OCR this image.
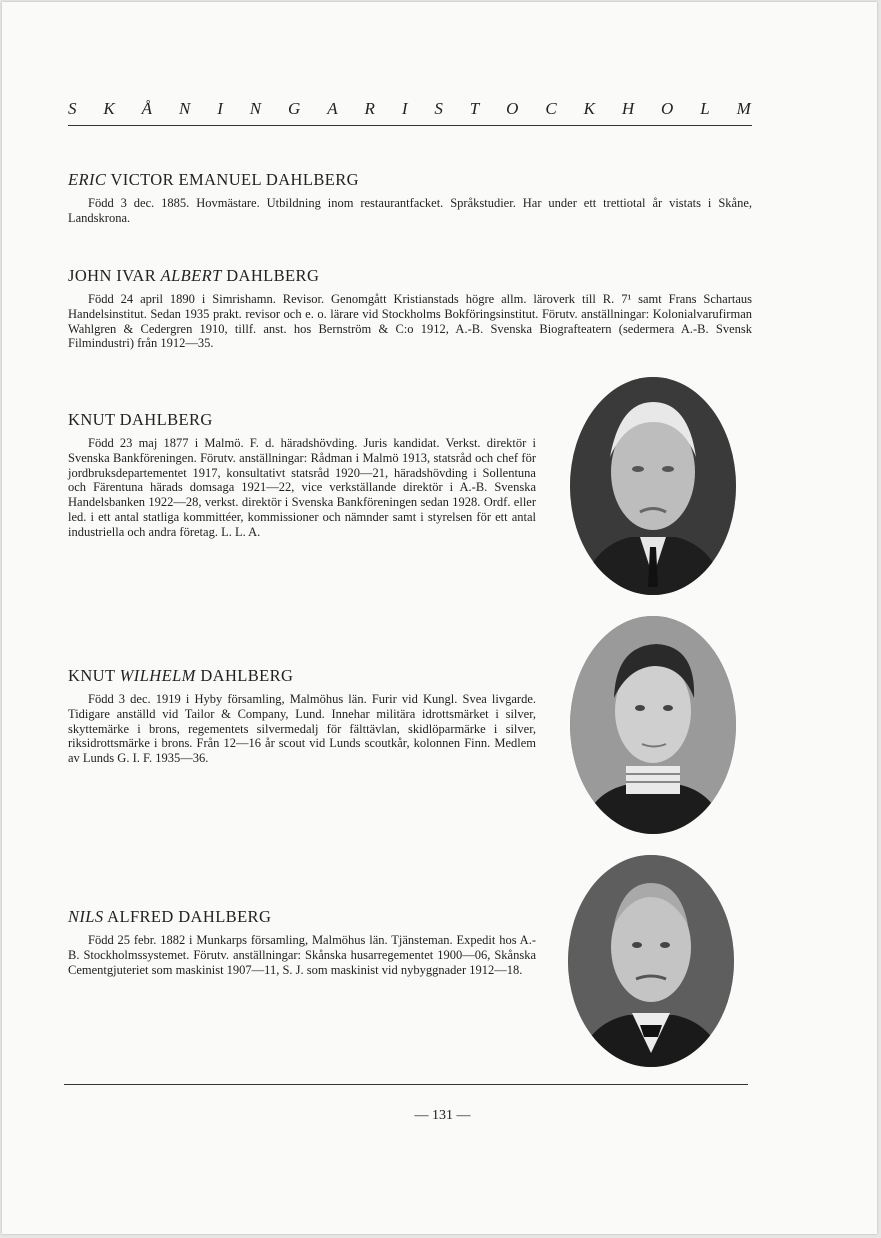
S K Å N I N G A R I S T O C K H O L M
ERIC VICTOR EMANUEL DAHLBERG

Född 3 dec. 1885. Hovmästare. Utbildning inom restaurantfacket. Språkstudier. Har under ett trettiotal år vistats i Skåne, Landskrona.

JOHN IVAR ALBERT DAHLBERG

Född 24 april 1890 i Simrishamn. Revisor. Genomgått Kristianstads högre allm. läroverk till R. 7¹ samt Frans Schartaus Handelsinstitut. Sedan 1935 prakt. revisor och e. o. lärare vid Stockholms Bokföringsinstitut. Förutv. anställningar: Kolonialvarufirman Wahlgren & Cedergren 1910, tillf. anst. hos Bernström & C:o 1912, A.-B. Svenska Biografteatern (sedermera A.-B. Svensk Filmindustri) från 1912—35.

KNUT DAHLBERG

Född 23 maj 1877 i Malmö. F. d. häradshövding. Juris kandidat. Verkst. direktör i Svenska Bankföreningen. Förutv. anställningar: Rådman i Malmö 1913, statsråd och chef för jordbruksdepartementet 1917, konsultativt statsråd 1920—21, häradshövding i Sollentuna och Färentuna härads domsaga 1921—22, vice verkställande direktör i A.-B. Svenska Handelsbanken 1922—28, verkst. direktör i Svenska Bankföreningen sedan 1928. Ordf. eller led. i ett antal statliga kommittéer, kommissioner och nämnder samt i styrelsen för ett antal industriella och andra företag. L. L. A.

KNUT WILHELM DAHLBERG

Född 3 dec. 1919 i Hyby församling, Malmöhus län. Furir vid Kungl. Svea livgarde. Tidigare anställd vid Tailor & Company, Lund. Innehar militära idrottsmärket i silver, skyttemärke i brons, regementets silvermedalj för fälttävlan, skidlöparmärke i silver, riksidrottsmärke i brons. Från 12—16 år scout vid Lunds scoutkår, kolonnen Finn. Medlem av Lunds G. I. F. 1935—36.

NILS ALFRED DAHLBERG

Född 25 febr. 1882 i Munkarps församling, Malmöhus län. Tjänsteman. Expedit hos A.-B. Stockholmssystemet. Förutv. anställningar: Skånska husarregementet 1900—06, Skånska Cementgjuteriet som maskinist 1907—11, S. J. som maskinist vid nybyggnader 1912—18.

— 131 —
